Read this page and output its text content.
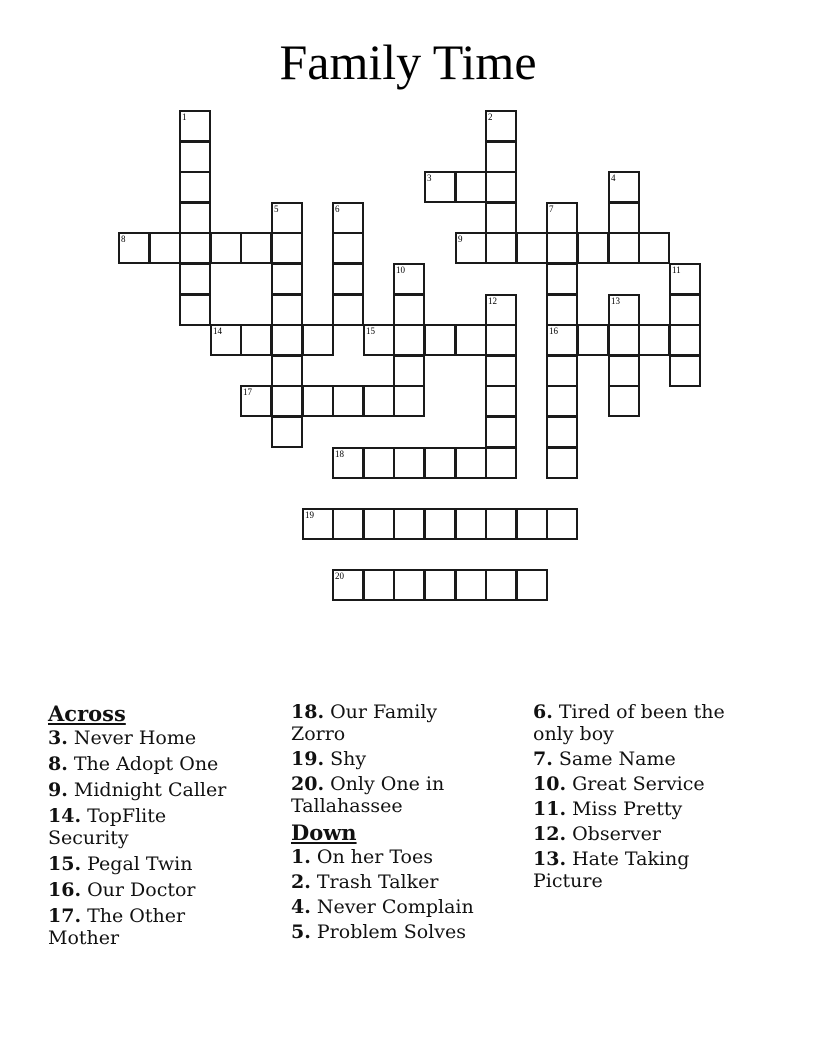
Family Time
1	2
3	4
5	6	7
16
8	9
10	11
12	13
14	15
17
18
19
20
Across
3. Never Home
8. The Adopt One
9. Midnight Caller
14. TopFlite Security
15. Pegal Twin
16. Our Doctor
17. The Other Mother
18. Our Family Zorro
19. Shy
20. Only One in Tallahassee
Down
1. On her Toes
2. Trash Talker
4. Never Complain
5. Problem Solves
6. Tired of been the only boy
7. Same Name
10. Great Service
11. Miss Pretty
12. Observer
13. Hate Taking Picture
